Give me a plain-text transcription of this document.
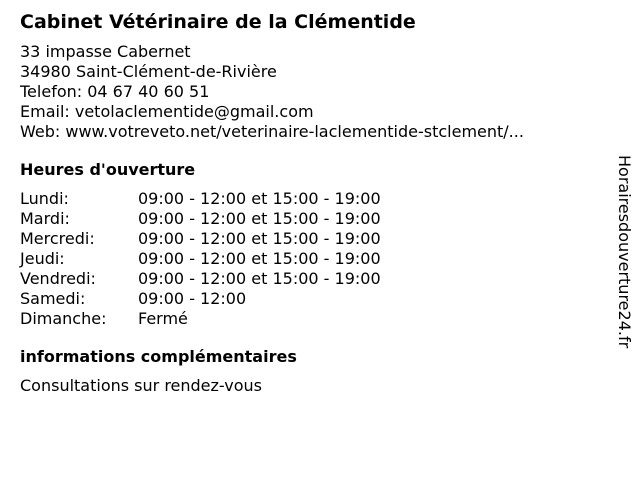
Cabinet Vétérinaire de la Clémentide
33 impasse Cabernet
34980 Saint-Clément-de-Rivière
Telefon: 04 67 40 60 51
Email: vetolaclementide@gmail.com
Web: www.votreveto.net/veterinaire-laclementide-stclement/...
Heures d'ouverture
Lundi:	09:00 - 12:00 et 15:00 - 19:00
Mardi:	09:00 - 12:00 et 15:00 - 19:00
Mercredi:	09:00 - 12:00 et 15:00 - 19:00
Jeudi:	09:00 - 12:00 et 15:00 - 19:00
Vendredi:	09:00 - 12:00 et 15:00 - 19:00
Samedi:	09:00 - 12:00
Dimanche:	Fermé
informations complémentaires
Consultations sur rendez-vous
Horairesdouverture24.fr
